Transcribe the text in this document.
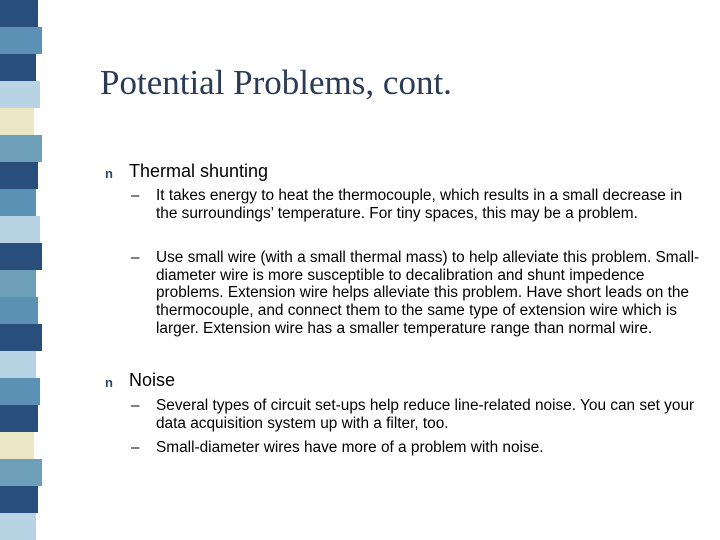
Potential Problems, cont.
n Thermal shunting
–	It takes energy to heat the thermocouple, which results in a small decrease in the surroundings’ temperature. For tiny spaces, this may be a problem.
–	Use small wire (with a small thermal mass) to help alleviate this problem. Small-diameter wire is more susceptible to decalibration and shunt impedence problems. Extension wire helps alleviate this problem. Have short leads on the thermocouple, and connect them to the same type of extension wire which is larger. Extension wire has a smaller temperature range than normal wire.
n Noise
–	Several types of circuit set-ups help reduce line-related noise. You can set your data acquisition system up with a filter, too.
–	Small-diameter wires have more of a problem with noise.
